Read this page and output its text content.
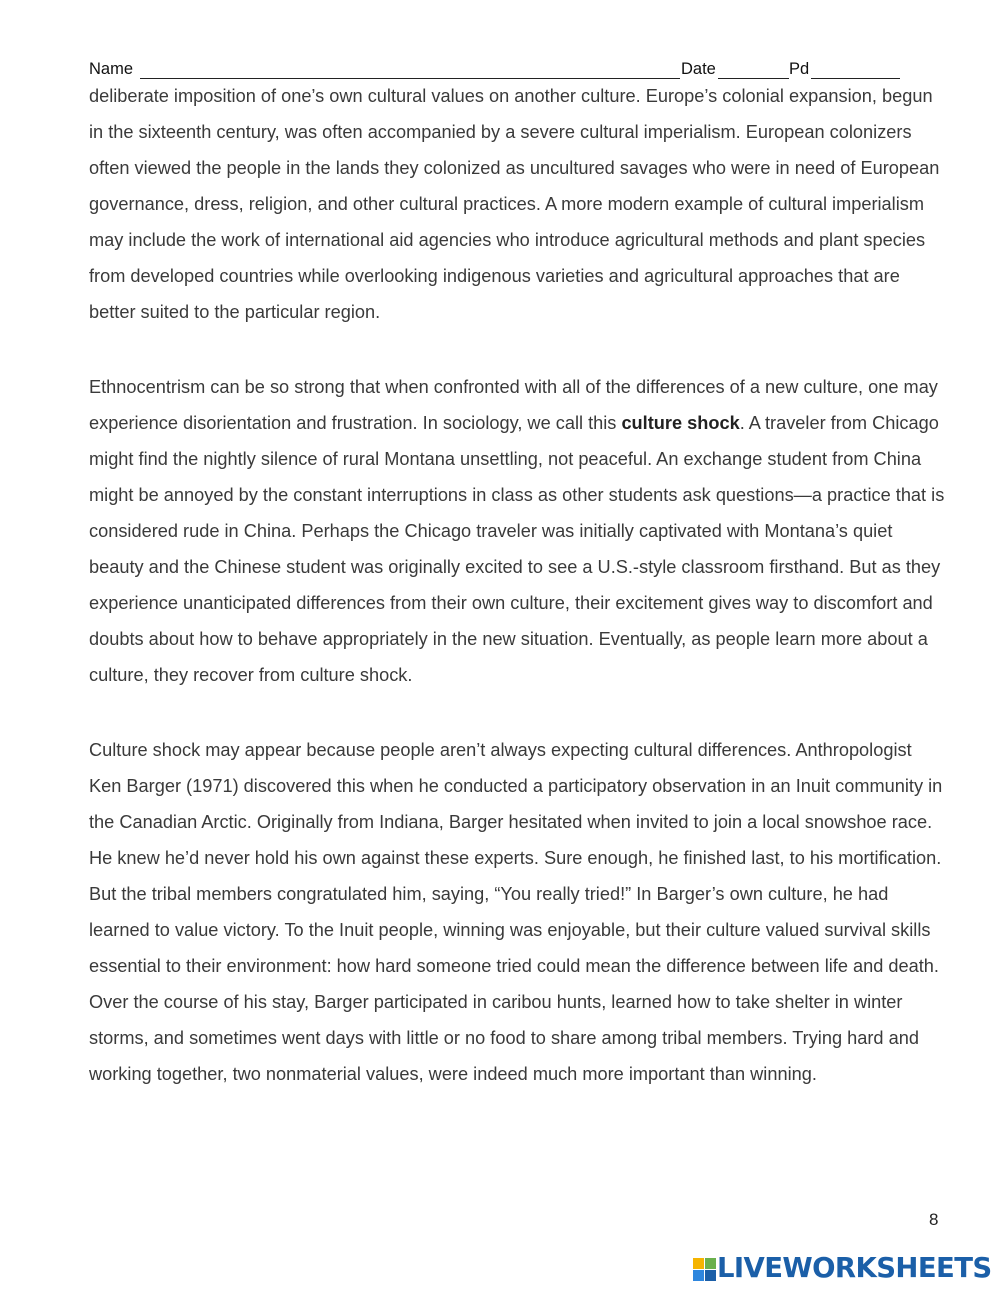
Name	Date	Pd

deliberate imposition of one’s own cultural values on another culture. Europe’s colonial expansion, begun in the sixteenth century, was often accompanied by a severe cultural imperialism. European colonizers often viewed the people in the lands they colonized as uncultured savages who were in need of European governance, dress, religion, and other cultural practices. A more modern example of cultural imperialism may include the work of international aid agencies who introduce agricultural methods and plant species from developed countries while overlooking indigenous varieties and agricultural approaches that are better suited to the particular region.

Ethnocentrism can be so strong that when confronted with all of the differences of a new culture, one may experience disorientation and frustration. In sociology, we call this culture shock. A traveler from Chicago might find the nightly silence of rural Montana unsettling, not peaceful. An exchange student from China might be annoyed by the constant interruptions in class as other students ask questions—a practice that is considered rude in China. Perhaps the Chicago traveler was initially captivated with Montana’s quiet beauty and the Chinese student was originally excited to see a U.S.-style classroom firsthand. But as they experience unanticipated differences from their own culture, their excitement gives way to discomfort and doubts about how to behave appropriately in the new situation. Eventually, as people learn more about a culture, they recover from culture shock.

Culture shock may appear because people aren’t always expecting cultural differences. Anthropologist Ken Barger (1971) discovered this when he conducted a participatory observation in an Inuit community in the Canadian Arctic. Originally from Indiana, Barger hesitated when invited to join a local snowshoe race. He knew he’d never hold his own against these experts. Sure enough, he finished last, to his mortification. But the tribal members congratulated him, saying, “You really tried!” In Barger’s own culture, he had learned to value victory. To the Inuit people, winning was enjoyable, but their culture valued survival skills essential to their environment: how hard someone tried could mean the difference between life and death. Over the course of his stay, Barger participated in caribou hunts, learned how to take shelter in winter storms, and sometimes went days with little or no food to share among tribal members. Trying hard and working together, two nonmaterial values, were indeed much more important than winning.

8
LIVEWORKSHEETS
